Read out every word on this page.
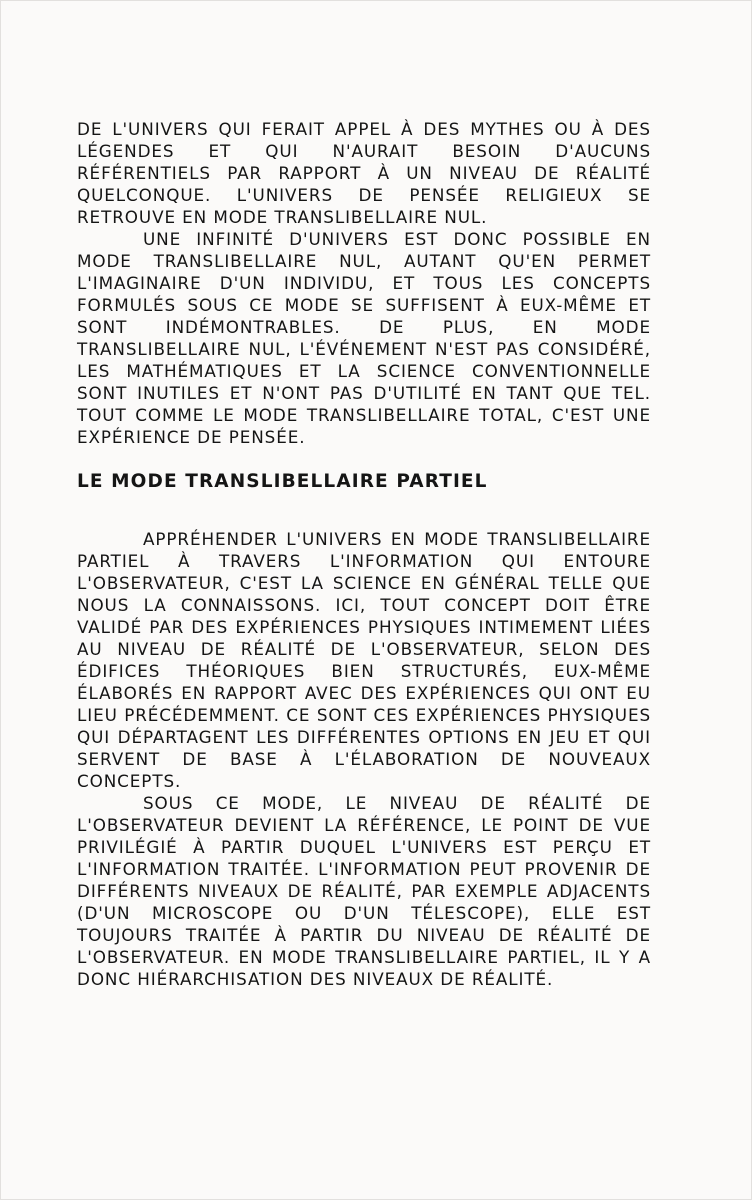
DE L'UNIVERS QUI FERAIT APPEL À DES MYTHES OU À DES LÉGENDES ET QUI N'AURAIT BESOIN D'AUCUNS RÉFÉRENTIELS PAR RAPPORT À UN NIVEAU DE RÉALITÉ QUELCONQUE. L'UNIVERS DE PENSÉE RELIGIEUX SE RETROUVE EN MODE TRANSLIBELLAIRE NUL.

UNE INFINITÉ D'UNIVERS EST DONC POSSIBLE EN MODE TRANSLIBELLAIRE NUL, AUTANT QU'EN PERMET L'IMAGINAIRE D'UN INDIVIDU, ET TOUS LES CONCEPTS FORMULÉS SOUS CE MODE SE SUFFISENT À EUX-MÊME ET SONT INDÉMONTRABLES. DE PLUS, EN MODE TRANSLIBELLAIRE NUL, L'ÉVÉNEMENT N'EST PAS CONSIDÉRÉ, LES MATHÉMATIQUES ET LA SCIENCE CONVENTIONNELLE SONT INUTILES ET N'ONT PAS D'UTILITÉ EN TANT QUE TEL. TOUT COMME LE MODE TRANSLIBELLAIRE TOTAL, C'EST UNE EXPÉRIENCE DE PENSÉE.

LE MODE TRANSLIBELLAIRE PARTIEL

APPRÉHENDER L'UNIVERS EN MODE TRANSLIBELLAIRE PARTIEL À TRAVERS L'INFORMATION QUI ENTOURE L'OBSERVATEUR, C'EST LA SCIENCE EN GÉNÉRAL TELLE QUE NOUS LA CONNAISSONS. ICI, TOUT CONCEPT DOIT ÊTRE VALIDÉ PAR DES EXPÉRIENCES PHYSIQUES INTIMEMENT LIÉES AU NIVEAU DE RÉALITÉ DE L'OBSERVATEUR, SELON DES ÉDIFICES THÉORIQUES BIEN STRUCTURÉS, EUX-MÊME ÉLABORÉS EN RAPPORT AVEC DES EXPÉRIENCES QUI ONT EU LIEU PRÉCÉDEMMENT. CE SONT CES EXPÉRIENCES PHYSIQUES QUI DÉPARTAGENT LES DIFFÉRENTES OPTIONS EN JEU ET QUI SERVENT DE BASE À L'ÉLABORATION DE NOUVEAUX CONCEPTS.

SOUS CE MODE, LE NIVEAU DE RÉALITÉ DE L'OBSERVATEUR DEVIENT LA RÉFÉRENCE, LE POINT DE VUE PRIVILÉGIÉ À PARTIR DUQUEL L'UNIVERS EST PERÇU ET L'INFORMATION TRAITÉE. L'INFORMATION PEUT PROVENIR DE DIFFÉRENTS NIVEAUX DE RÉALITÉ, PAR EXEMPLE ADJACENTS (D'UN MICROSCOPE OU D'UN TÉLESCOPE), ELLE EST TOUJOURS TRAITÉE À PARTIR DU NIVEAU DE RÉALITÉ DE L'OBSERVATEUR. EN MODE TRANSLIBELLAIRE PARTIEL, IL Y A DONC HIÉRARCHISATION DES NIVEAUX DE RÉALITÉ.
